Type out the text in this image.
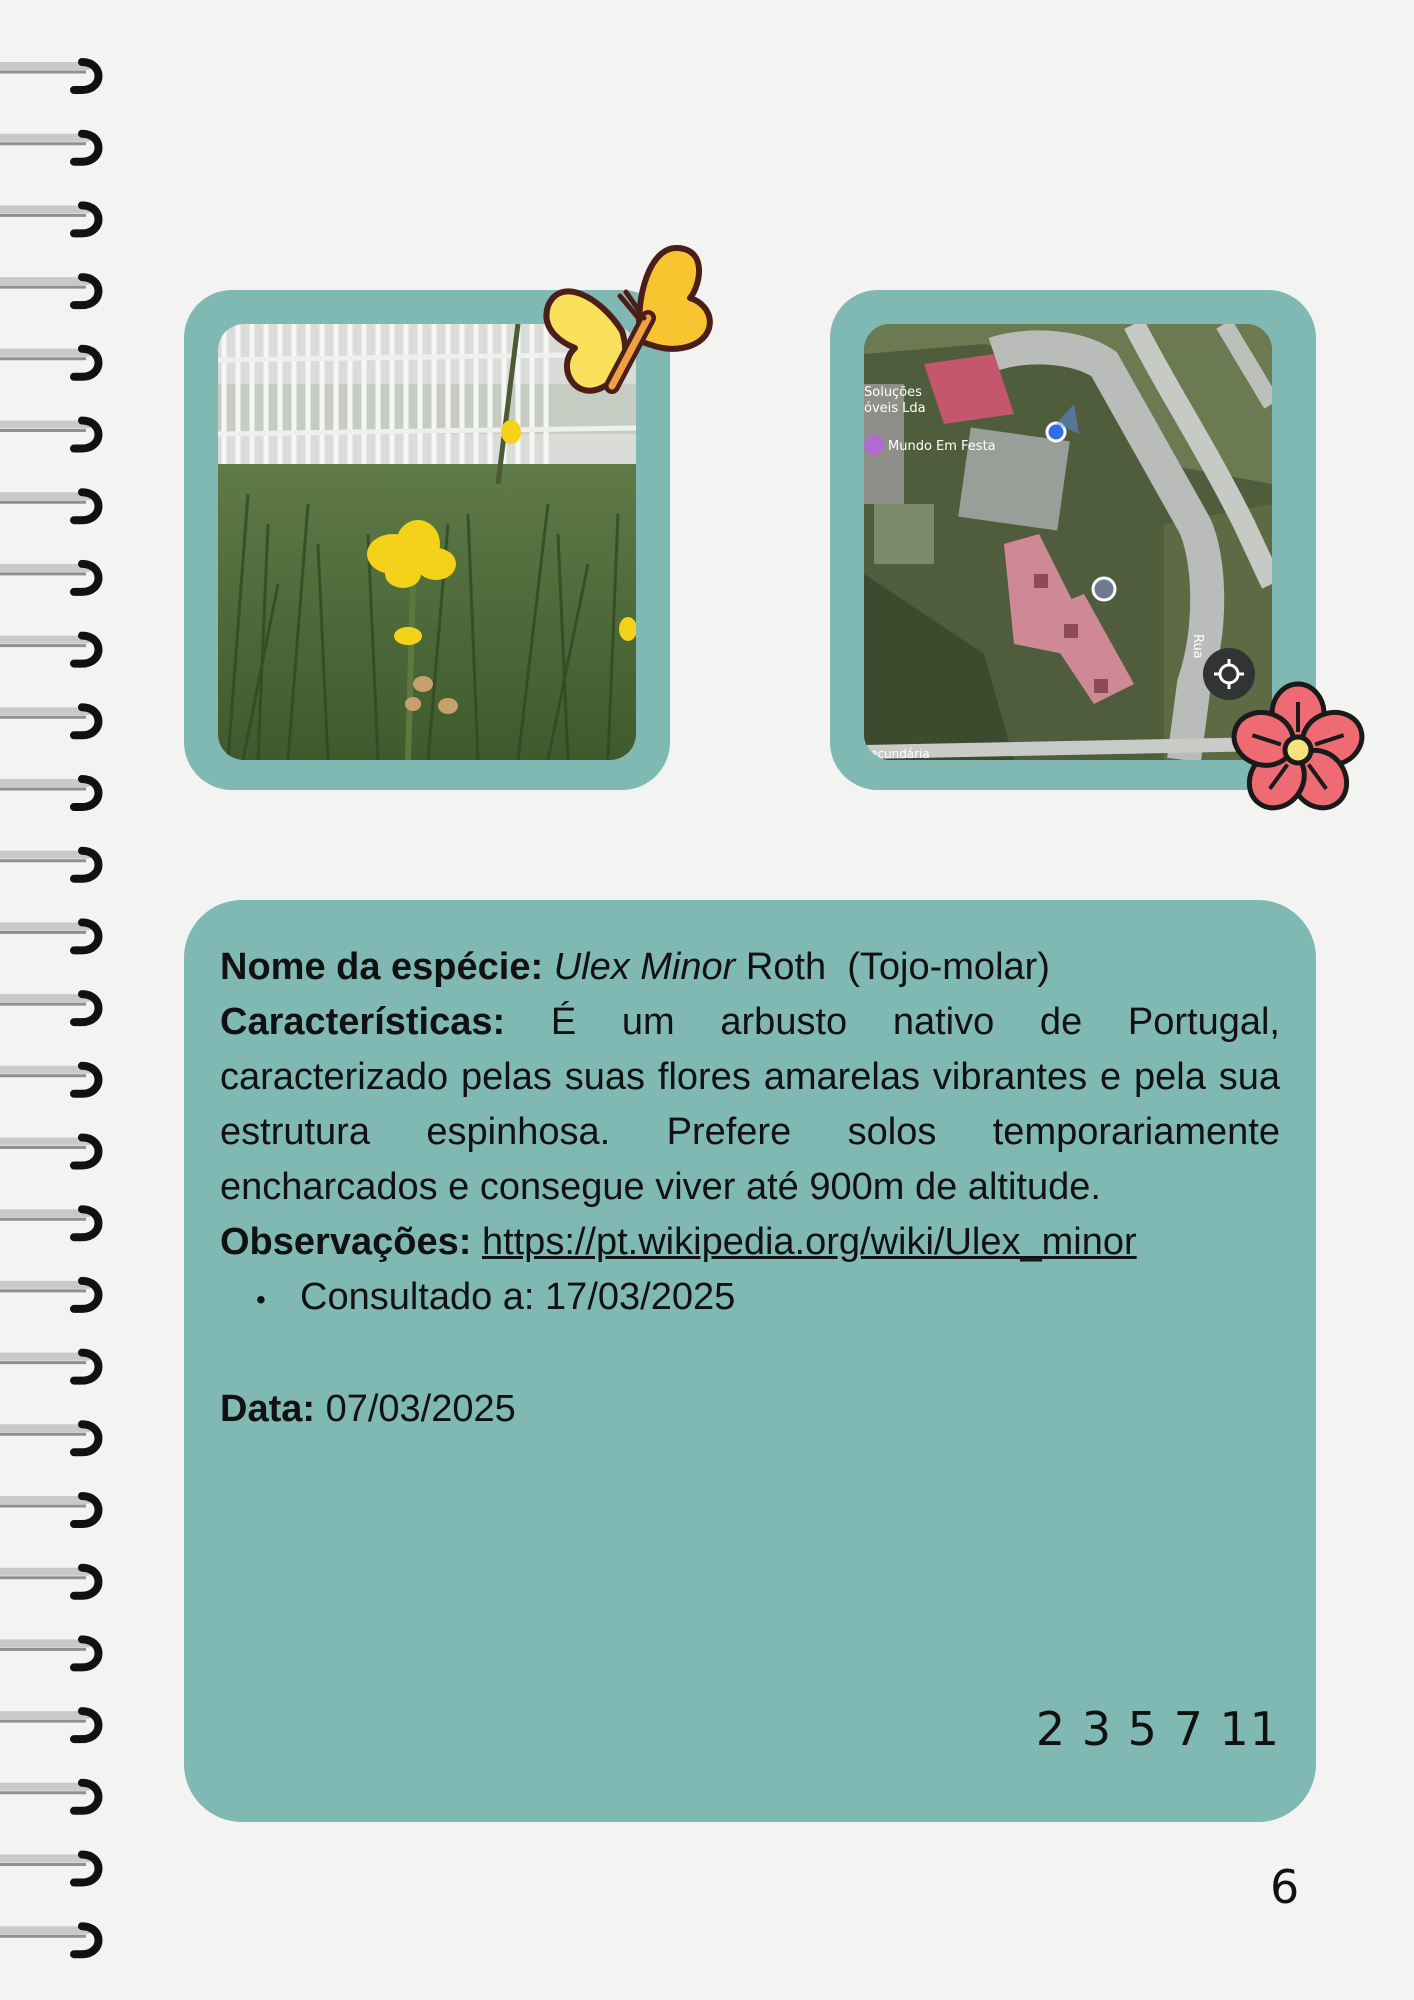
Soluções óveis Lda
Mundo Em Festa
Rua
ecundária

Nome da espécie: Ulex Minor Roth  (Tojo-molar)

Características: É um arbusto nativo de Portugal, caracterizado pelas suas flores amarelas vibrantes e pela sua estrutura espinhosa. Prefere solos temporariamente encharcados e consegue viver até 900m de altitude.

Observações: https://pt.wikipedia.org/wiki/Ulex_minor

• Consultado a: 17/03/2025

Data: 07/03/2025

2 3 5 7 11
6
